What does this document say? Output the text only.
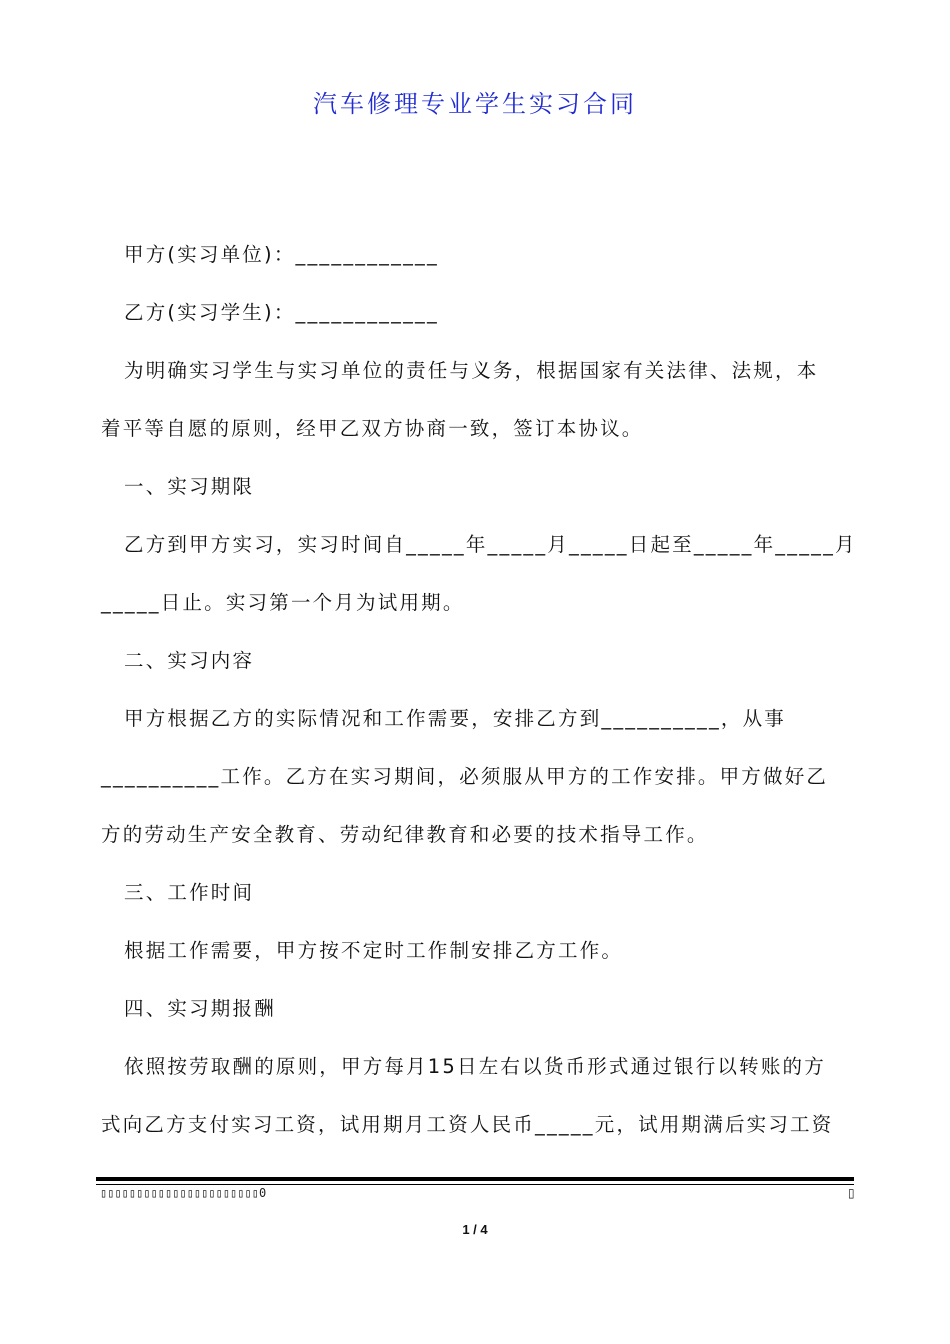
汽车修理专业学生实习合同
甲方(实习单位)：____________
乙方(实习学生)：____________
为明确实习学生与实习单位的责任与义务，根据国家有关法律、法规，本
着平等自愿的原则，经甲乙双方协商一致，签订本协议。
一、实习期限
乙方到甲方实习，实习时间自_____年_____月_____日起至_____年_____月
_____日止。实习第一个月为试用期。
二、实习内容
甲方根据乙方的实际情况和工作需要，安排乙方到__________，从事
__________工作。乙方在实习期间，必须服从甲方的工作安排。甲方做好乙
方的劳动生产安全教育、劳动纪律教育和必要的技术指导工作。
三、工作时间
根据工作需要，甲方按不定时工作制安排乙方工作。
四、实习期报酬
依照按劳取酬的原则，甲方每月15日左右以货币形式通过银行以转账的方
式向乙方支付实习工资，试用期月工资人民币_____元，试用期满后实习工资
▯▯▯▯▯▯▯▯▯▯▯▯▯▯▯▯▯▯▯▯▯▯0	▯
1 / 4
